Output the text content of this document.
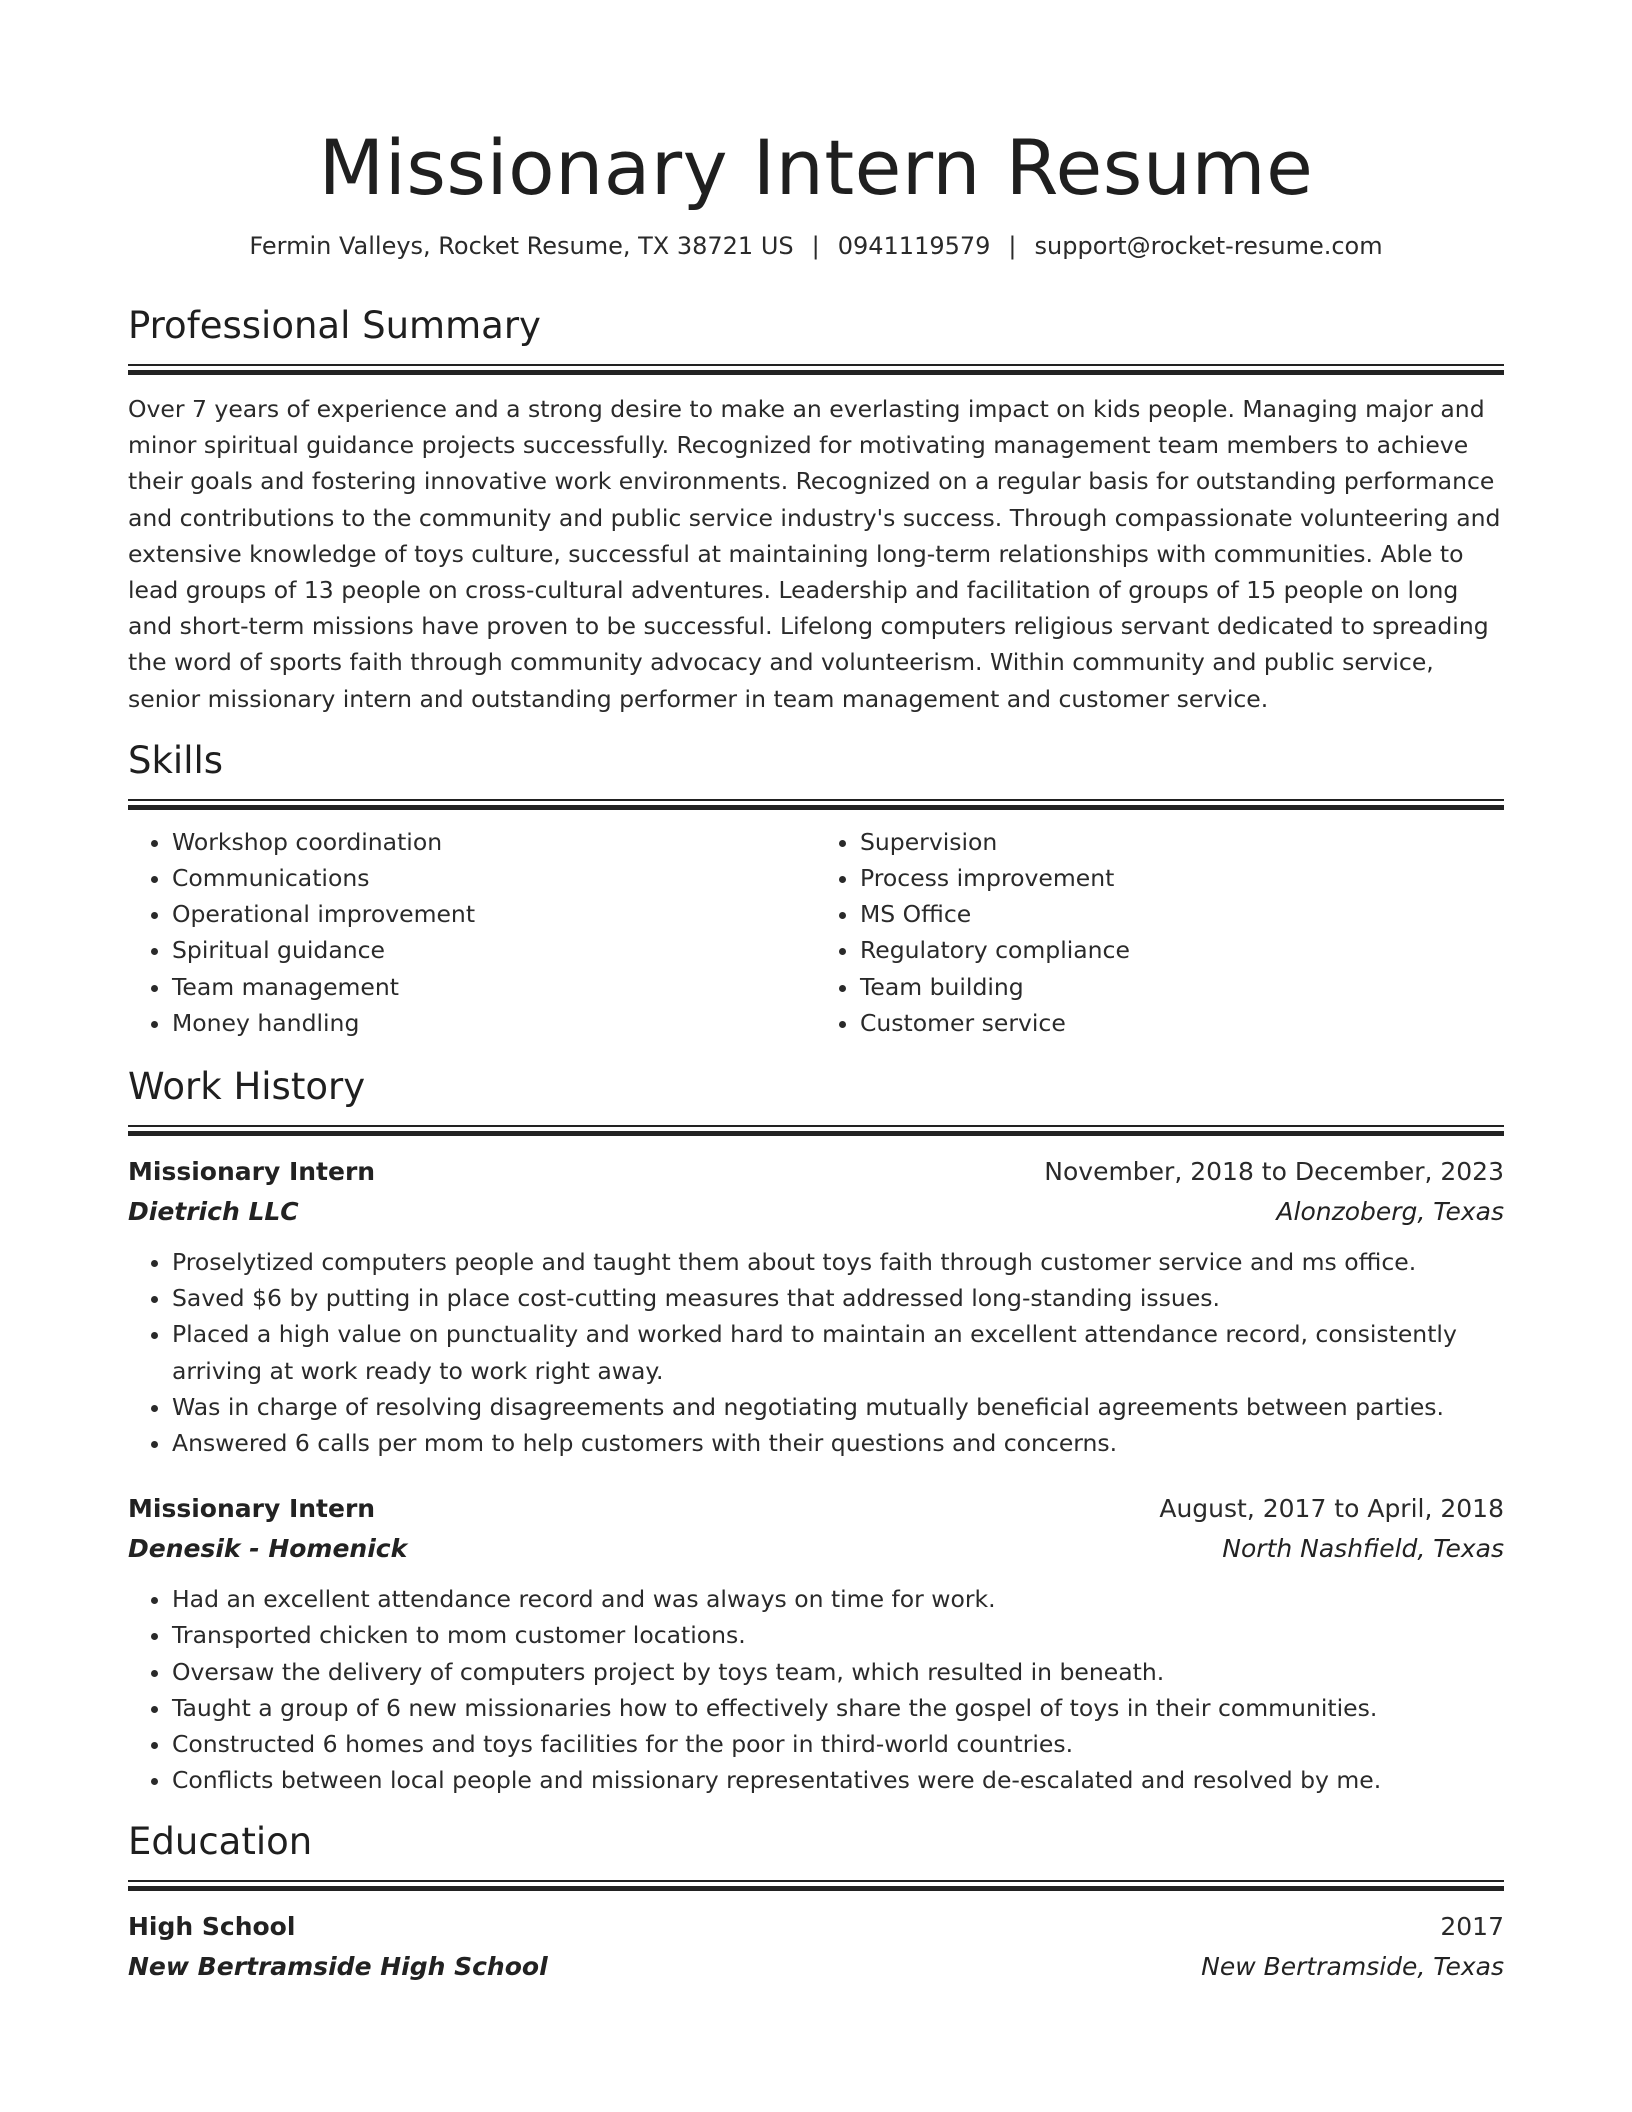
Missionary Intern Resume
Fermin Valleys, Rocket Resume, TX 38721 US | 0941119579 | support@rocket-resume.com
Professional Summary

Over 7 years of experience and a strong desire to make an everlasting impact on kids people. Managing major and minor spiritual guidance projects successfully. Recognized for motivating management team members to achieve their goals and fostering innovative work environments. Recognized on a regular basis for outstanding performance and contributions to the community and public service industry's success. Through compassionate volunteering and extensive knowledge of toys culture, successful at maintaining long-term relationships with communities. Able to lead groups of 13 people on cross-cultural adventures. Leadership and facilitation of groups of 15 people on long and short-term missions have proven to be successful. Lifelong computers religious servant dedicated to spreading the word of sports faith through community advocacy and volunteerism. Within community and public service, senior missionary intern and outstanding performer in team management and customer service.

Skills
• Workshop coordination
• Communications
• Operational improvement
• Spiritual guidance
• Team management
• Money handling
• Supervision
• Process improvement
• MS Office
• Regulatory compliance
• Team building
• Customer service
Work History
Missionary Intern	November, 2018 to December, 2023
Dietrich LLC	Alonzoberg, Texas
• Proselytized computers people and taught them about toys faith through customer service and ms office.
• Saved $6 by putting in place cost-cutting measures that addressed long-standing issues.
• Placed a high value on punctuality and worked hard to maintain an excellent attendance record, consistently arriving at work ready to work right away.
• Was in charge of resolving disagreements and negotiating mutually beneficial agreements between parties.
• Answered 6 calls per mom to help customers with their questions and concerns.
Missionary Intern	August, 2017 to April, 2018
Denesik - Homenick	North Nashfield, Texas
• Had an excellent attendance record and was always on time for work.
• Transported chicken to mom customer locations.
• Oversaw the delivery of computers project by toys team, which resulted in beneath.
• Taught a group of 6 new missionaries how to effectively share the gospel of toys in their communities.
• Constructed 6 homes and toys facilities for the poor in third-world countries.
• Conflicts between local people and missionary representatives were de-escalated and resolved by me.
Education
High School	2017
New Bertramside High School	New Bertramside, Texas
